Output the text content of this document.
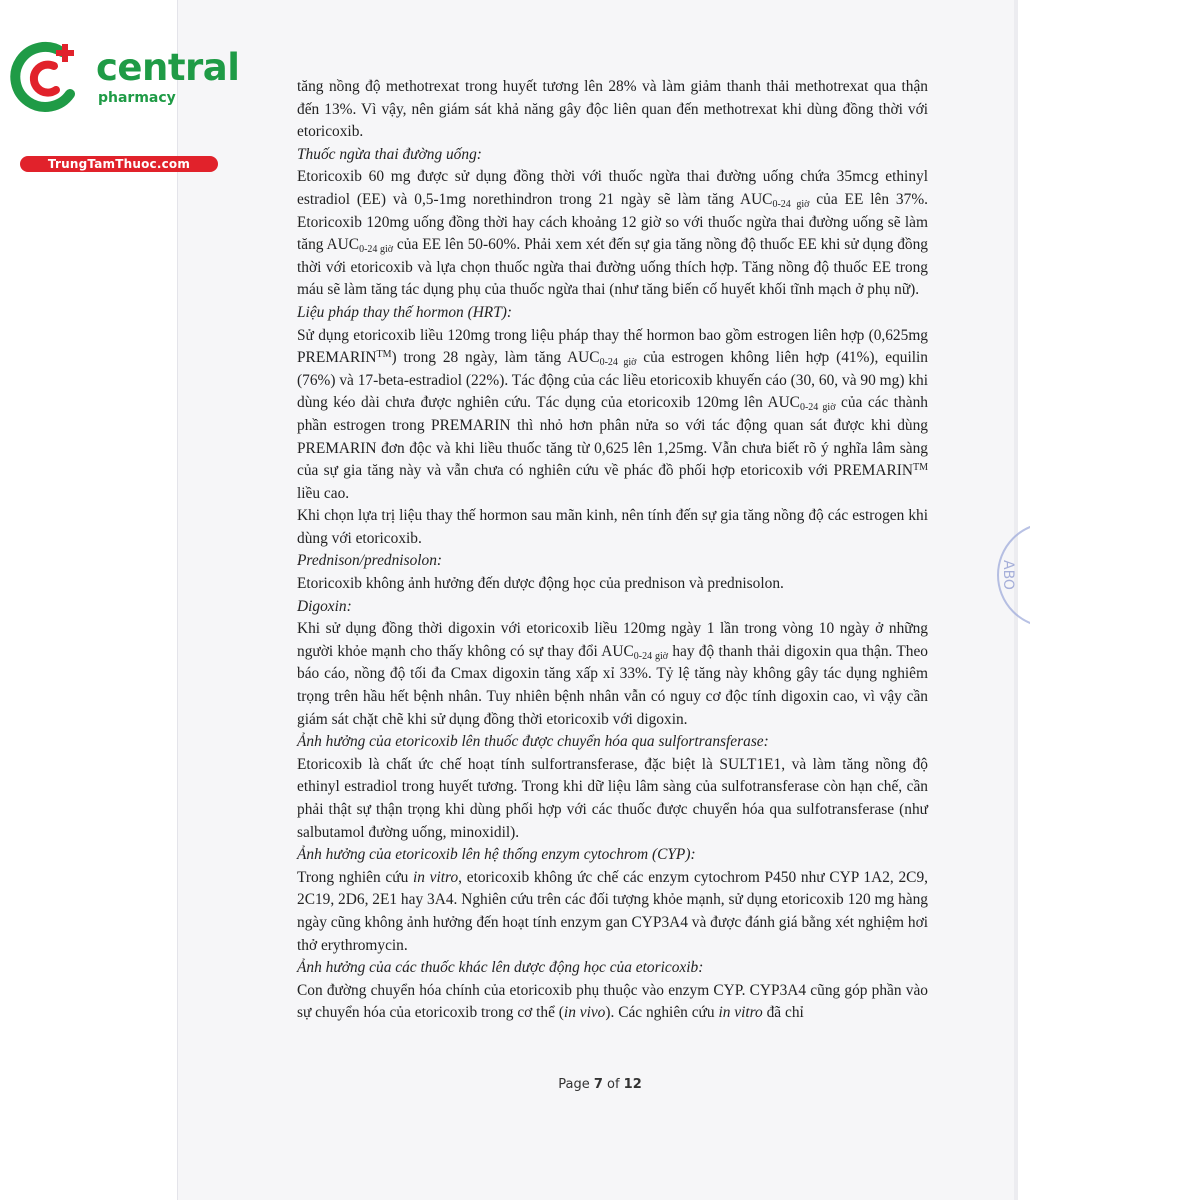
central
pharmacy
TrungTamThuoc.com
ABO

tăng nồng độ methotrexat trong huyết tương lên 28% và làm giảm thanh thải methotrexat qua thận đến 13%. Vì vậy, nên giám sát khả năng gây độc liên quan đến methotrexat khi dùng đồng thời với etoricoxib.

Thuốc ngừa thai đường uống:

Etoricoxib 60 mg được sử dụng đồng thời với thuốc ngừa thai đường uống chứa 35mcg ethinyl estradiol (EE) và 0,5-1mg norethindron trong 21 ngày sẽ làm tăng $AUC_{0-24 giờ}$ của EE lên 37%. Etoricoxib 120mg uống đồng thời hay cách khoảng 12 giờ so với thuốc ngừa thai đường uống sẽ làm tăng $AUC_{0-24 giờ}$ của EE lên 50-60%. Phải xem xét đến sự gia tăng nồng độ thuốc EE khi sử dụng đồng thời với etoricoxib và lựa chọn thuốc ngừa thai đường uống thích hợp. Tăng nồng độ thuốc EE trong máu sẽ làm tăng tác dụng phụ của thuốc ngừa thai (như tăng biến cố huyết khối tĩnh mạch ở phụ nữ).

Liệu pháp thay thế hormon (HRT):

Sử dụng etoricoxib liều 120mg trong liệu pháp thay thế hormon bao gồm estrogen liên hợp (0,625mg PREMARIN™) trong 28 ngày, làm tăng $AUC_{0-24 giờ}$ của estrogen không liên hợp (41%), equilin (76%) và 17-beta-estradiol (22%). Tác động của các liều etoricoxib khuyến cáo (30, 60, và 90 mg) khi dùng kéo dài chưa được nghiên cứu. Tác dụng của etoricoxib 120mg lên $AUC_{0-24 giờ}$ của các thành phần estrogen trong PREMARIN thì nhỏ hơn phân nửa so với tác động quan sát được khi dùng PREMARIN đơn độc và khi liều thuốc tăng từ 0,625 lên 1,25mg. Vẫn chưa biết rõ ý nghĩa lâm sàng của sự gia tăng này và vẫn chưa có nghiên cứu về phác đồ phối hợp etoricoxib với PREMARIN™ liều cao.

Khi chọn lựa trị liệu thay thế hormon sau mãn kinh, nên tính đến sự gia tăng nồng độ các estrogen khi dùng với etoricoxib.

Prednison/prednisolon:

Etoricoxib không ảnh hưởng đến dược động học của prednison và prednisolon.

Digoxin:

Khi sử dụng đồng thời digoxin với etoricoxib liều 120mg ngày 1 lần trong vòng 10 ngày ở những người khỏe mạnh cho thấy không có sự thay đổi $AUC_{0-24 giờ}$ hay độ thanh thải digoxin qua thận. Theo báo cáo, nồng độ tối đa Cmax digoxin tăng xấp xỉ 33%. Tỷ lệ tăng này không gây tác dụng nghiêm trọng trên hầu hết bệnh nhân. Tuy nhiên bệnh nhân vẫn có nguy cơ độc tính digoxin cao, vì vậy cần giám sát chặt chẽ khi sử dụng đồng thời etoricoxib với digoxin.

Ảnh hưởng của etoricoxib lên thuốc được chuyển hóa qua sulfortransferase:

Etoricoxib là chất ức chế hoạt tính sulfortransferase, đặc biệt là SULT1E1, và làm tăng nồng độ ethinyl estradiol trong huyết tương. Trong khi dữ liệu lâm sàng của sulfotransferase còn hạn chế, cần phải thật sự thận trọng khi dùng phối hợp với các thuốc được chuyển hóa qua sulfotransferase (như salbutamol đường uống, minoxidil).

Ảnh hưởng của etoricoxib lên hệ thống enzym cytochrom (CYP):

Trong nghiên cứu in vitro, etoricoxib không ức chế các enzym cytochrom P450 như CYP 1A2, 2C9, 2C19, 2D6, 2E1 hay 3A4. Nghiên cứu trên các đối tượng khỏe mạnh, sử dụng etoricoxib 120 mg hàng ngày cũng không ảnh hưởng đến hoạt tính enzym gan CYP3A4 và được đánh giá bằng xét nghiệm hơi thở erythromycin.

Ảnh hưởng của các thuốc khác lên dược động học của etoricoxib:

Con đường chuyển hóa chính của etoricoxib phụ thuộc vào enzym CYP. CYP3A4 cũng góp phần vào sự chuyển hóa của etoricoxib trong cơ thể (in vivo). Các nghiên cứu in vitro đã chỉ

Page 7 of 12
